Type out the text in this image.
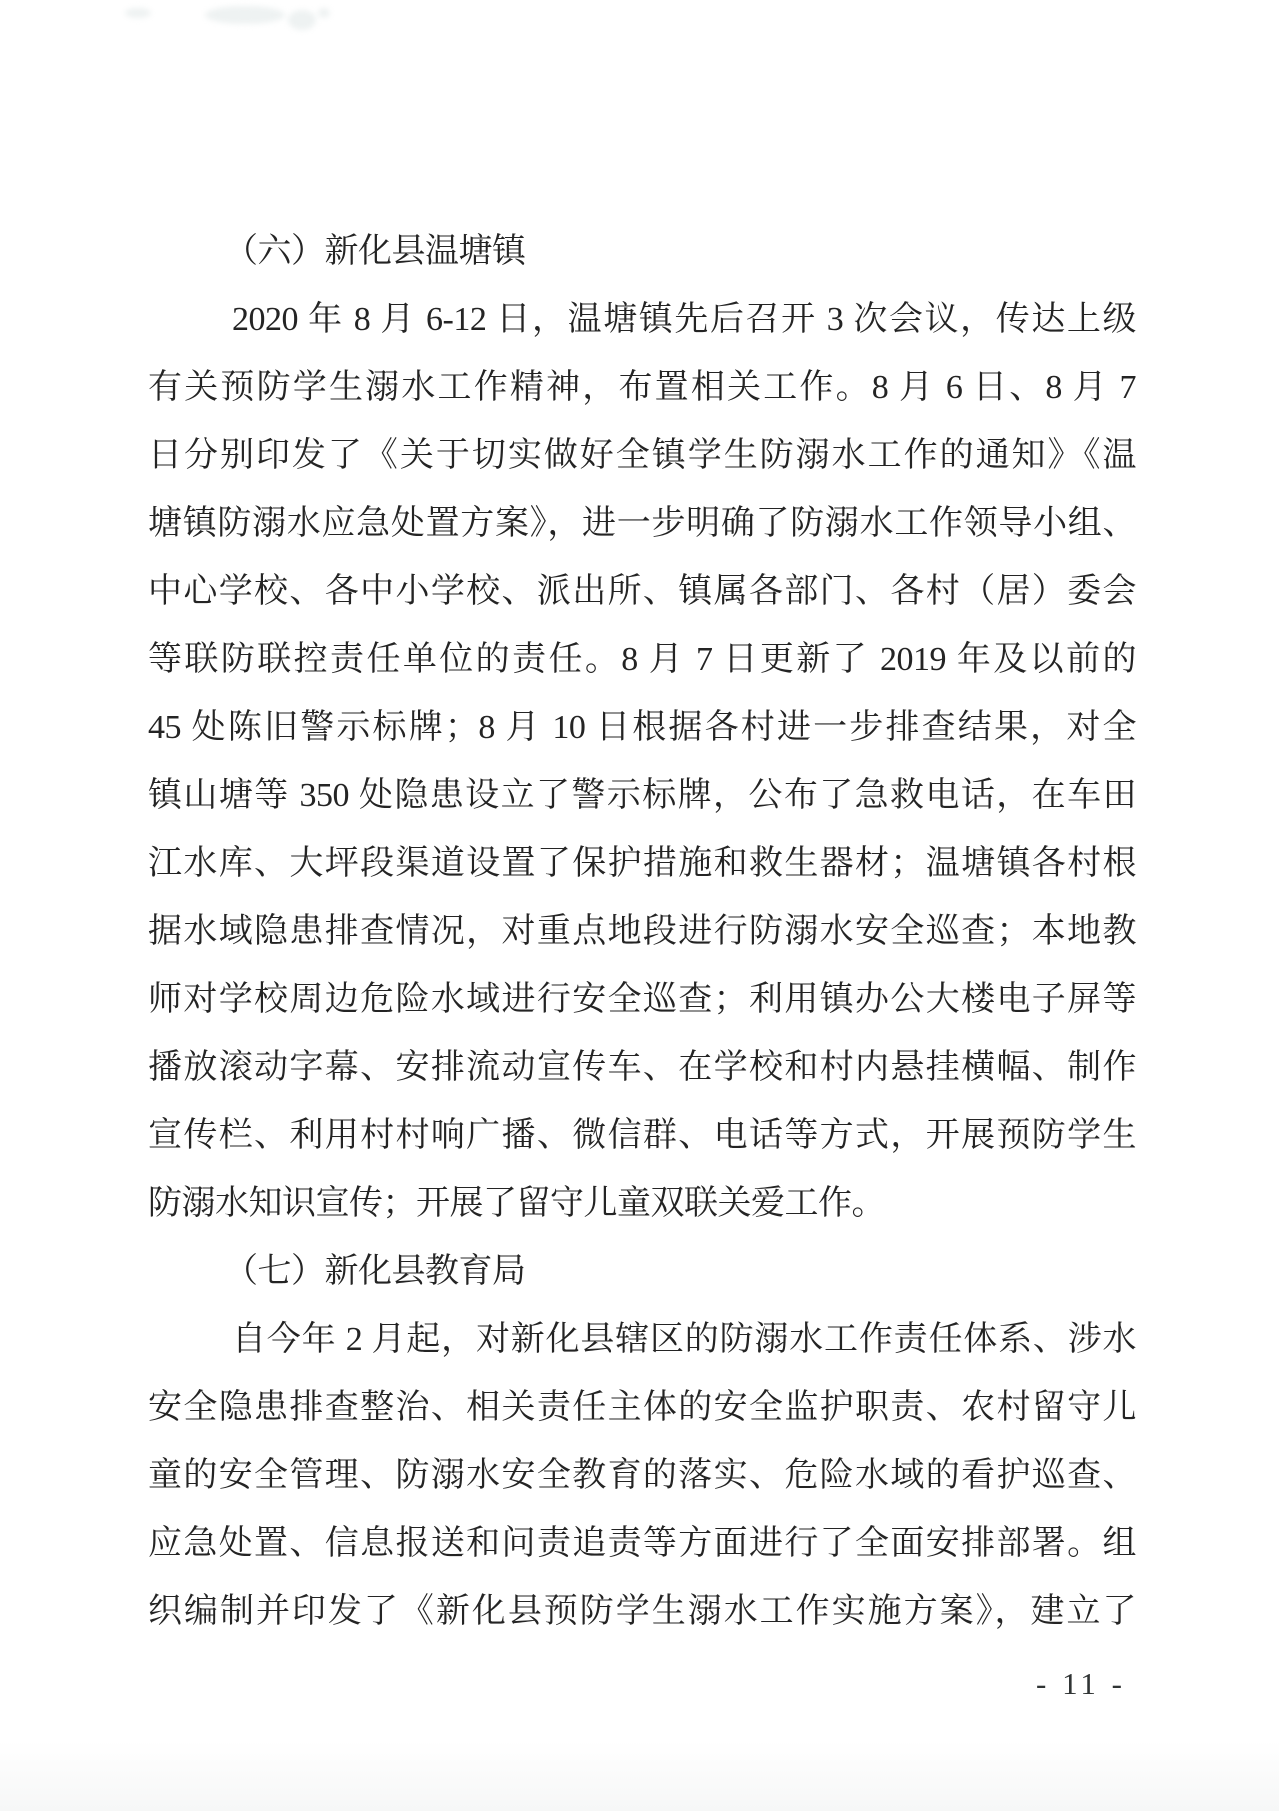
（六）新化县温塘镇
2020 年 8 月 6-12 日，温塘镇先后召开 3 次会议，传达上级
有关预防学生溺水工作精神，布置相关工作。8 月 6 日、8 月 7
日分别印发了《关于切实做好全镇学生防溺水工作的通知》《温
塘镇防溺水应急处置方案》，进一步明确了防溺水工作领导小组、
中心学校、各中小学校、派出所、镇属各部门、各村（居）委会
等联防联控责任单位的责任。8 月 7 日更新了 2019 年及以前的
45 处陈旧警示标牌；8 月 10 日根据各村进一步排查结果，对全
镇山塘等 350 处隐患设立了警示标牌，公布了急救电话，在车田
江水库、大坪段渠道设置了保护措施和救生器材；温塘镇各村根
据水域隐患排查情况，对重点地段进行防溺水安全巡查；本地教
师对学校周边危险水域进行安全巡查；利用镇办公大楼电子屏等
播放滚动字幕、安排流动宣传车、在学校和村内悬挂横幅、制作
宣传栏、利用村村响广播、微信群、电话等方式，开展预防学生
防溺水知识宣传；开展了留守儿童双联关爱工作。
（七）新化县教育局
自今年 2 月起，对新化县辖区的防溺水工作责任体系、涉水
安全隐患排查整治、相关责任主体的安全监护职责、农村留守儿
童的安全管理、防溺水安全教育的落实、危险水域的看护巡查、
应急处置、信息报送和问责追责等方面进行了全面安排部署。组
织编制并印发了《新化县预防学生溺水工作实施方案》，建立了
- 11 -
